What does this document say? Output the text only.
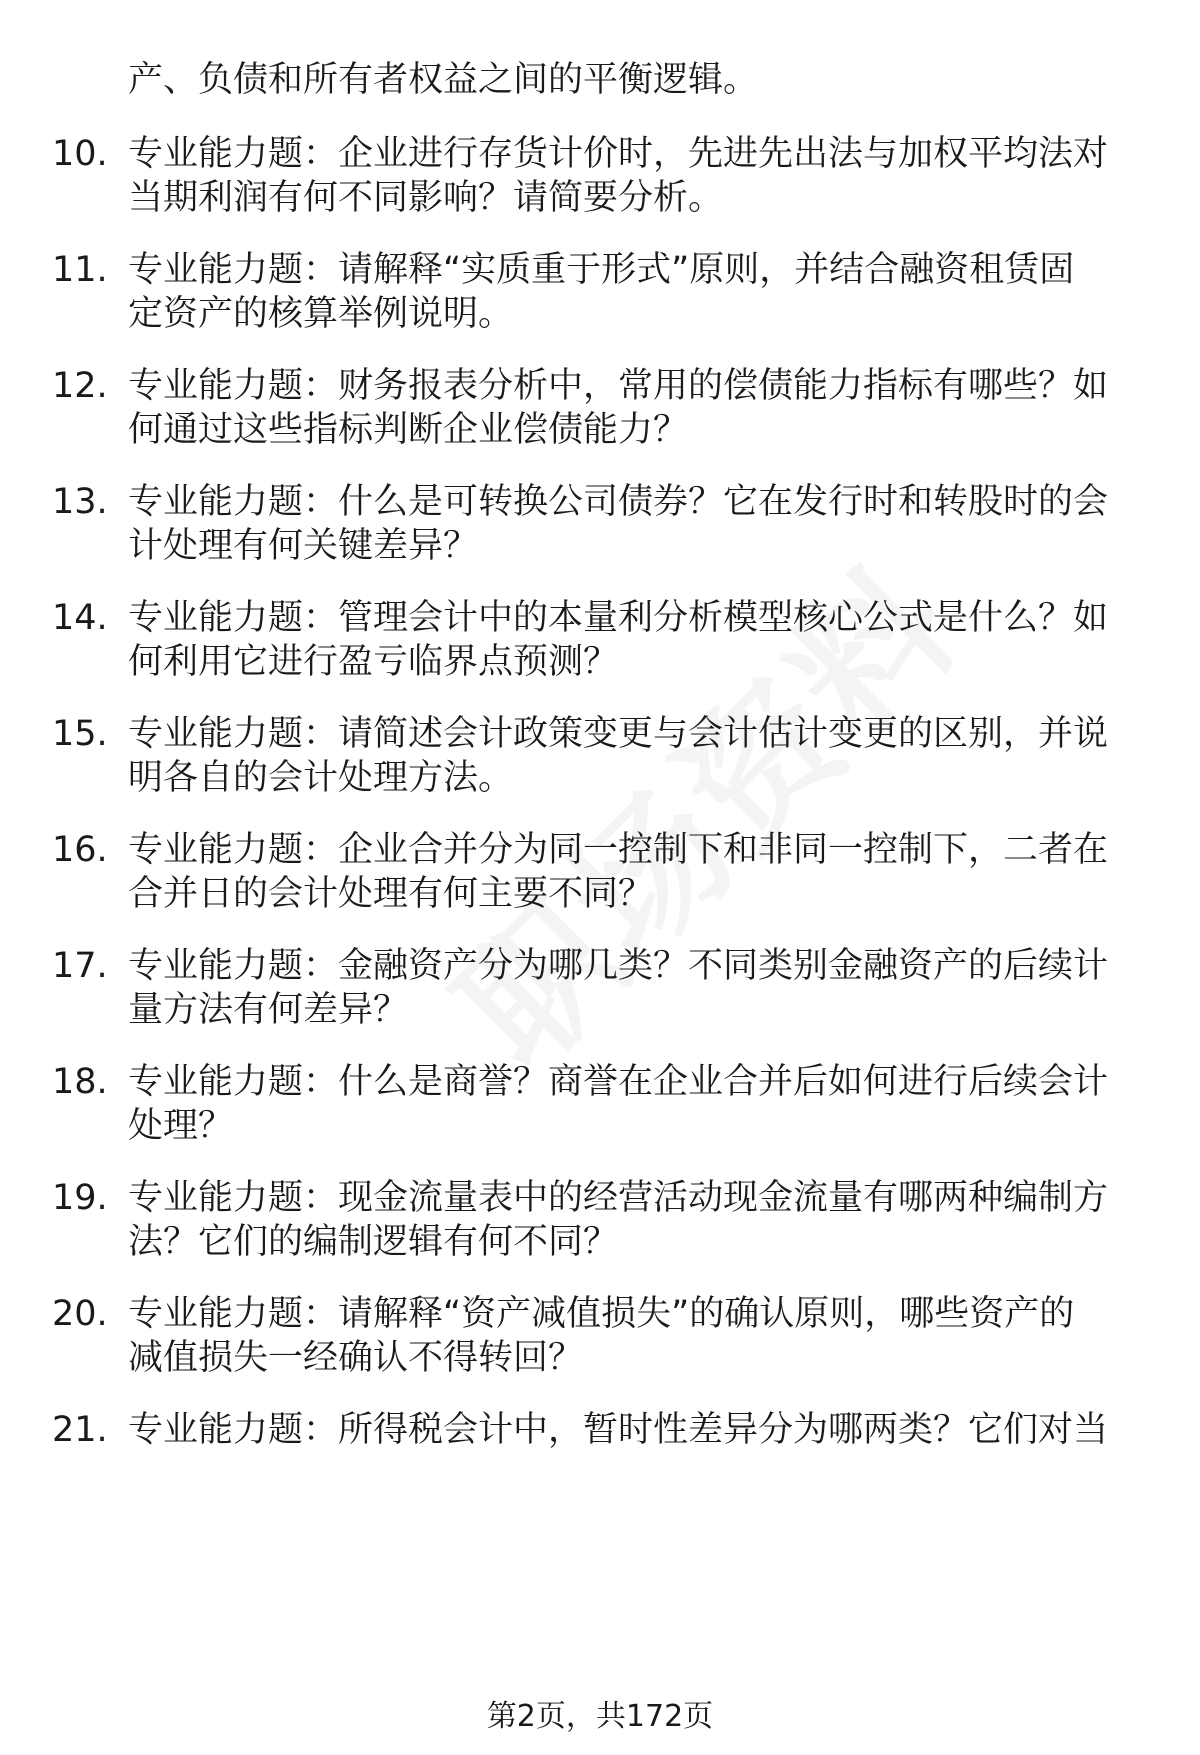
产、负债和所有者权益之间的平衡逻辑。
10. 专业能力题：企业进行存货计价时，先进先出法与加权平均法对
当期利润有何不同影响？请简要分析。
11. 专业能力题：请解释“实质重于形式”原则，并结合融资租赁固
定资产的核算举例说明。
12. 专业能力题：财务报表分析中，常用的偿债能力指标有哪些？如
何通过这些指标判断企业偿债能力？
13. 专业能力题：什么是可转换公司债券？它在发行时和转股时的会
计处理有何关键差异？
14. 专业能力题：管理会计中的本量利分析模型核心公式是什么？如
何利用它进行盈亏临界点预测？
15. 专业能力题：请简述会计政策变更与会计估计变更的区别，并说
明各自的会计处理方法。
16. 专业能力题：企业合并分为同一控制下和非同一控制下，二者在
合并日的会计处理有何主要不同？
17. 专业能力题：金融资产分为哪几类？不同类别金融资产的后续计
量方法有何差异？
18. 专业能力题：什么是商誉？商誉在企业合并后如何进行后续会计
处理？
19. 专业能力题：现金流量表中的经营活动现金流量有哪两种编制方
法？它们的编制逻辑有何不同？
20. 专业能力题：请解释“资产减值损失”的确认原则，哪些资产的
减值损失一经确认不得转回？
21. 专业能力题：所得税会计中，暂时性差异分为哪两类？它们对当
第2页，共172页
